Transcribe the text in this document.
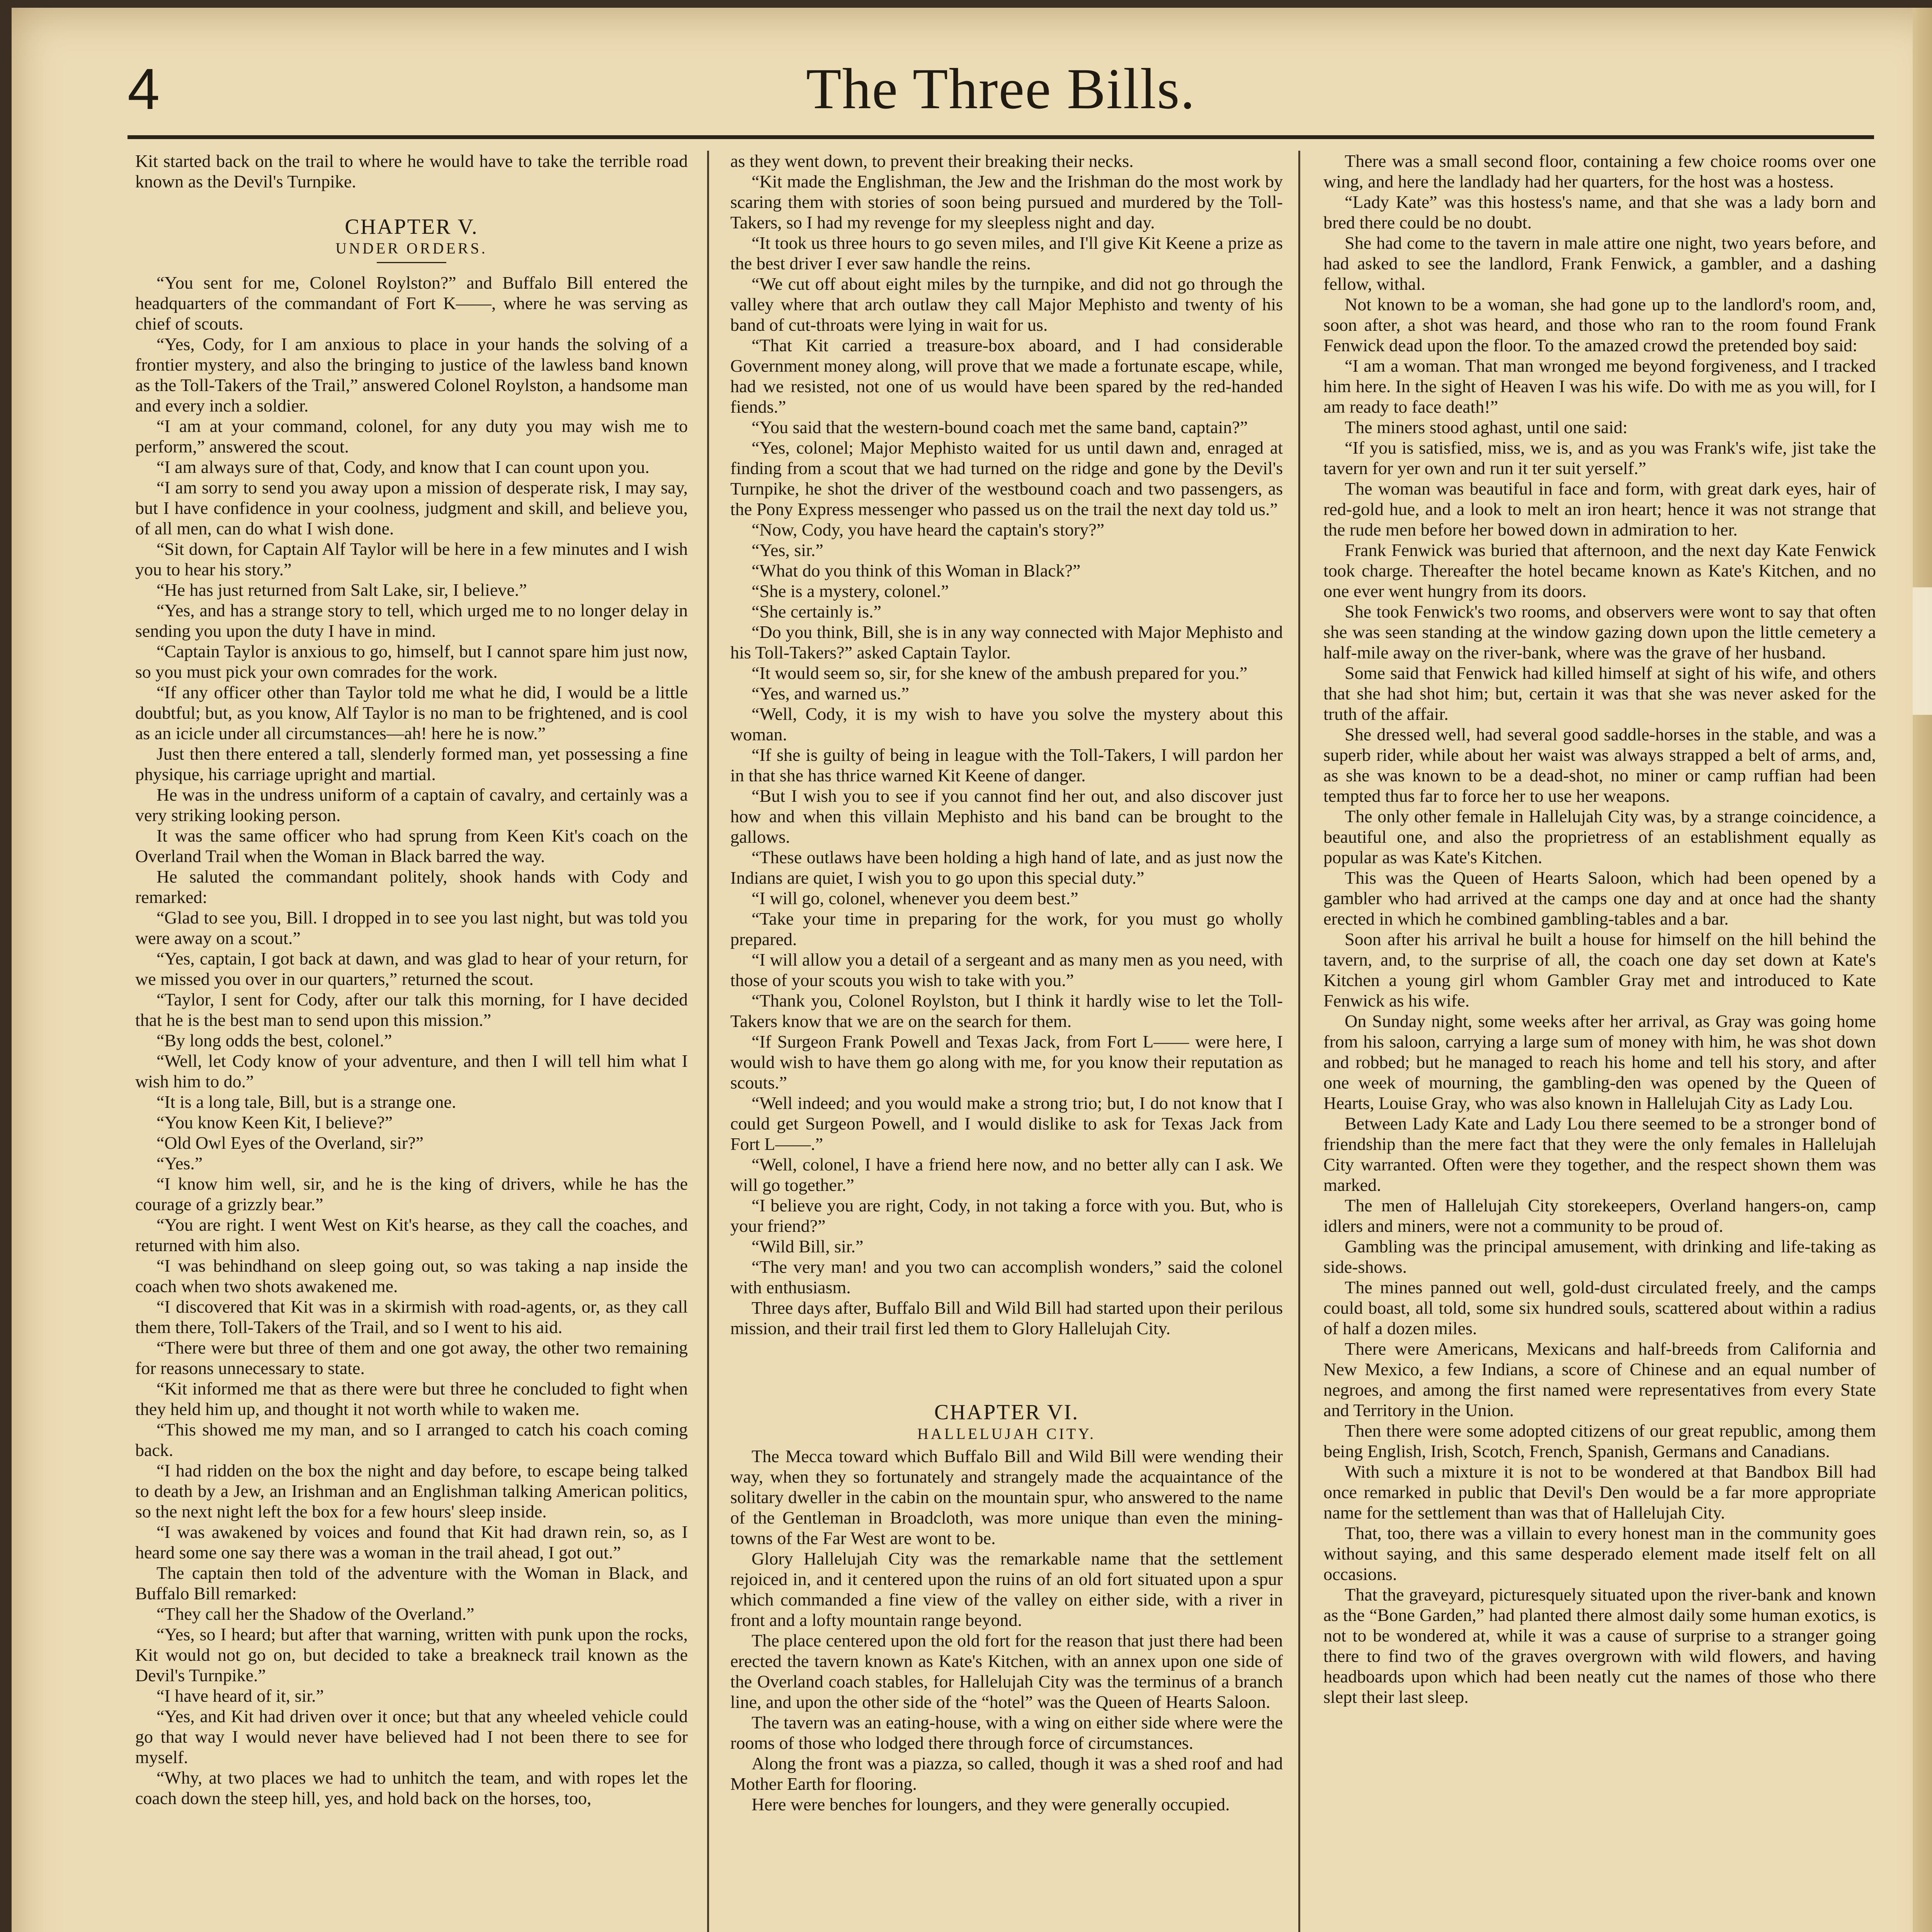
4	The Three Bills.

Kit started back on the trail to where he would have to take the terrible road known as the Devil's Turnpike.

CHAPTER V.
UNDER ORDERS.

“You sent for me, Colonel Roylston?” and Buffalo Bill entered the headquarters of the commandant of Fort K——, where he was serving as chief of scouts.

“Yes, Cody, for I am anxious to place in your hands the solving of a frontier mystery, and also the bringing to justice of the lawless band known as the Toll-Takers of the Trail,” answered Colonel Roylston, a handsome man and every inch a soldier.

“I am at your command, colonel, for any duty you may wish me to perform,” answered the scout.

“I am always sure of that, Cody, and know that I can count upon you.

“I am sorry to send you away upon a mission of desperate risk, I may say, but I have confidence in your coolness, judgment and skill, and believe you, of all men, can do what I wish done.

“Sit down, for Captain Alf Taylor will be here in a few minutes and I wish you to hear his story.”

“He has just returned from Salt Lake, sir, I believe.”

“Yes, and has a strange story to tell, which urged me to no longer delay in sending you upon the duty I have in mind.

“Captain Taylor is anxious to go, himself, but I cannot spare him just now, so you must pick your own comrades for the work.

“If any officer other than Taylor told me what he did, I would be a little doubtful; but, as you know, Alf Taylor is no man to be frightened, and is cool as an icicle under all circumstances—ah! here he is now.”

Just then there entered a tall, slenderly formed man, yet possessing a fine physique, his carriage upright and martial.

He was in the undress uniform of a captain of cavalry, and certainly was a very striking looking person.

It was the same officer who had sprung from Keen Kit's coach on the Overland Trail when the Woman in Black barred the way.

He saluted the commandant politely, shook hands with Cody and remarked:

“Glad to see you, Bill. I dropped in to see you last night, but was told you were away on a scout.”

“Yes, captain, I got back at dawn, and was glad to hear of your return, for we missed you over in our quarters,” returned the scout.

“Taylor, I sent for Cody, after our talk this morning, for I have decided that he is the best man to send upon this mission.”

“By long odds the best, colonel.”

“Well, let Cody know of your adventure, and then I will tell him what I wish him to do.”

“It is a long tale, Bill, but is a strange one.

“You know Keen Kit, I believe?”

“Old Owl Eyes of the Overland, sir?”

“Yes.”

“I know him well, sir, and he is the king of drivers, while he has the courage of a grizzly bear.”

“You are right. I went West on Kit's hearse, as they call the coaches, and returned with him also.

“I was behindhand on sleep going out, so was taking a nap inside the coach when two shots awakened me.

“I discovered that Kit was in a skirmish with road-agents, or, as they call them there, Toll-Takers of the Trail, and so I went to his aid.

“There were but three of them and one got away, the other two remaining for reasons unnecessary to state.

“Kit informed me that as there were but three he concluded to fight when they held him up, and thought it not worth while to waken me.

“This showed me my man, and so I arranged to catch his coach coming back.

“I had ridden on the box the night and day before, to escape being talked to death by a Jew, an Irishman and an Englishman talking American politics, so the next night left the box for a few hours' sleep inside.

“I was awakened by voices and found that Kit had drawn rein, so, as I heard some one say there was a woman in the trail ahead, I got out.”

The captain then told of the adventure with the Woman in Black, and Buffalo Bill remarked:

“They call her the Shadow of the Overland.”

“Yes, so I heard; but after that warning, written with punk upon the rocks, Kit would not go on, but decided to take a breakneck trail known as the Devil's Turnpike.”

“I have heard of it, sir.”

“Yes, and Kit had driven over it once; but that any wheeled vehicle could go that way I would never have believed had I not been there to see for myself.

“Why, at two places we had to unhitch the team, and with ropes let the coach down the steep hill, yes, and hold back on the horses, too,

as they went down, to prevent their breaking their necks.

“Kit made the Englishman, the Jew and the Irishman do the most work by scaring them with stories of soon being pursued and murdered by the Toll-Takers, so I had my revenge for my sleepless night and day.

“It took us three hours to go seven miles, and I'll give Kit Keene a prize as the best driver I ever saw handle the reins.

“We cut off about eight miles by the turnpike, and did not go through the valley where that arch outlaw they call Major Mephisto and twenty of his band of cut-throats were lying in wait for us.

“That Kit carried a treasure-box aboard, and I had considerable Government money along, will prove that we made a fortunate escape, while, had we resisted, not one of us would have been spared by the red-handed fiends.”

“You said that the western-bound coach met the same band, captain?”

“Yes, colonel; Major Mephisto waited for us until dawn and, enraged at finding from a scout that we had turned on the ridge and gone by the Devil's Turnpike, he shot the driver of the westbound coach and two passengers, as the Pony Express messenger who passed us on the trail the next day told us.”

“Now, Cody, you have heard the captain's story?”

“Yes, sir.”

“What do you think of this Woman in Black?”

“She is a mystery, colonel.”

“She certainly is.”

“Do you think, Bill, she is in any way connected with Major Mephisto and his Toll-Takers?” asked Captain Taylor.

“It would seem so, sir, for she knew of the ambush prepared for you.”

“Yes, and warned us.”

“Well, Cody, it is my wish to have you solve the mystery about this woman.

“If she is guilty of being in league with the Toll-Takers, I will pardon her in that she has thrice warned Kit Keene of danger.

“But I wish you to see if you cannot find her out, and also discover just how and when this villain Mephisto and his band can be brought to the gallows.

“These outlaws have been holding a high hand of late, and as just now the Indians are quiet, I wish you to go upon this special duty.”

“I will go, colonel, whenever you deem best.”

“Take your time in preparing for the work, for you must go wholly prepared.

“I will allow you a detail of a sergeant and as many men as you need, with those of your scouts you wish to take with you.”

“Thank you, Colonel Roylston, but I think it hardly wise to let the Toll-Takers know that we are on the search for them.

“If Surgeon Frank Powell and Texas Jack, from Fort L—— were here, I would wish to have them go along with me, for you know their reputation as scouts.”

“Well indeed; and you would make a strong trio; but, I do not know that I could get Surgeon Powell, and I would dislike to ask for Texas Jack from Fort L——.”

“Well, colonel, I have a friend here now, and no better ally can I ask. We will go together.”

“I believe you are right, Cody, in not taking a force with you. But, who is your friend?”

“Wild Bill, sir.”

“The very man! and you two can accomplish wonders,” said the colonel with enthusiasm.

Three days after, Buffalo Bill and Wild Bill had started upon their perilous mission, and their trail first led them to Glory Hallelujah City.

CHAPTER VI.
HALLELUJAH CITY.

The Mecca toward which Buffalo Bill and Wild Bill were wending their way, when they so fortunately and strangely made the acquaintance of the solitary dweller in the cabin on the mountain spur, who answered to the name of the Gentleman in Broadcloth, was more unique than even the mining-towns of the Far West are wont to be.

Glory Hallelujah City was the remarkable name that the settlement rejoiced in, and it centered upon the ruins of an old fort situated upon a spur which commanded a fine view of the valley on either side, with a river in front and a lofty mountain range beyond.

The place centered upon the old fort for the reason that just there had been erected the tavern known as Kate's Kitchen, with an annex upon one side of the Overland coach stables, for Hallelujah City was the terminus of a branch line, and upon the other side of the “hotel” was the Queen of Hearts Saloon.

The tavern was an eating-house, with a wing on either side where were the rooms of those who lodged there through force of circumstances.

Along the front was a piazza, so called, though it was a shed roof and had Mother Earth for flooring.

Here were benches for loungers, and they were generally occupied.

There was a small second floor, containing a few choice rooms over one wing, and here the landlady had her quarters, for the host was a hostess.

“Lady Kate” was this hostess's name, and that she was a lady born and bred there could be no doubt.

She had come to the tavern in male attire one night, two years before, and had asked to see the landlord, Frank Fenwick, a gambler, and a dashing fellow, withal.

Not known to be a woman, she had gone up to the landlord's room, and, soon after, a shot was heard, and those who ran to the room found Frank Fenwick dead upon the floor. To the amazed crowd the pretended boy said:

“I am a woman. That man wronged me beyond forgiveness, and I tracked him here. In the sight of Heaven I was his wife. Do with me as you will, for I am ready to face death!”

The miners stood aghast, until one said:

“If you is satisfied, miss, we is, and as you was Frank's wife, jist take the tavern for yer own and run it ter suit yerself.”

The woman was beautiful in face and form, with great dark eyes, hair of red-gold hue, and a look to melt an iron heart; hence it was not strange that the rude men before her bowed down in admiration to her.

Frank Fenwick was buried that afternoon, and the next day Kate Fenwick took charge. Thereafter the hotel became known as Kate's Kitchen, and no one ever went hungry from its doors.

She took Fenwick's two rooms, and observers were wont to say that often she was seen standing at the window gazing down upon the little cemetery a half-mile away on the river-bank, where was the grave of her husband.

Some said that Fenwick had killed himself at sight of his wife, and others that she had shot him; but, certain it was that she was never asked for the truth of the affair.

She dressed well, had several good saddle-horses in the stable, and was a superb rider, while about her waist was always strapped a belt of arms, and, as she was known to be a dead-shot, no miner or camp ruffian had been tempted thus far to force her to use her weapons.

The only other female in Hallelujah City was, by a strange coincidence, a beautiful one, and also the proprietress of an establishment equally as popular as was Kate's Kitchen.

This was the Queen of Hearts Saloon, which had been opened by a gambler who had arrived at the camps one day and at once had the shanty erected in which he combined gambling-tables and a bar.

Soon after his arrival he built a house for himself on the hill behind the tavern, and, to the surprise of all, the coach one day set down at Kate's Kitchen a young girl whom Gambler Gray met and introduced to Kate Fenwick as his wife.

On Sunday night, some weeks after her arrival, as Gray was going home from his saloon, carrying a large sum of money with him, he was shot down and robbed; but he managed to reach his home and tell his story, and after one week of mourning, the gambling-den was opened by the Queen of Hearts, Louise Gray, who was also known in Hallelujah City as Lady Lou.

Between Lady Kate and Lady Lou there seemed to be a stronger bond of friendship than the mere fact that they were the only females in Hallelujah City warranted. Often were they together, and the respect shown them was marked.

The men of Hallelujah City storekeepers, Overland hangers-on, camp idlers and miners, were not a community to be proud of.

Gambling was the principal amusement, with drinking and life-taking as side-shows.

The mines panned out well, gold-dust circulated freely, and the camps could boast, all told, some six hundred souls, scattered about within a radius of half a dozen miles.

There were Americans, Mexicans and half-breeds from California and New Mexico, a few Indians, a score of Chinese and an equal number of negroes, and among the first named were representatives from every State and Territory in the Union.

Then there were some adopted citizens of our great republic, among them being English, Irish, Scotch, French, Spanish, Germans and Canadians.

With such a mixture it is not to be wondered at that Bandbox Bill had once remarked in public that Devil's Den would be a far more appropriate name for the settlement than was that of Hallelujah City.

That, too, there was a villain to every honest man in the community goes without saying, and this same desperado element made itself felt on all occasions.

That the graveyard, picturesquely situated upon the river-bank and known as the “Bone Garden,” had planted there almost daily some human exotics, is not to be wondered at, while it was a cause of surprise to a stranger going there to find two of the graves overgrown with wild flowers, and having headboards upon which had been neatly cut the names of those who there slept their last sleep.
